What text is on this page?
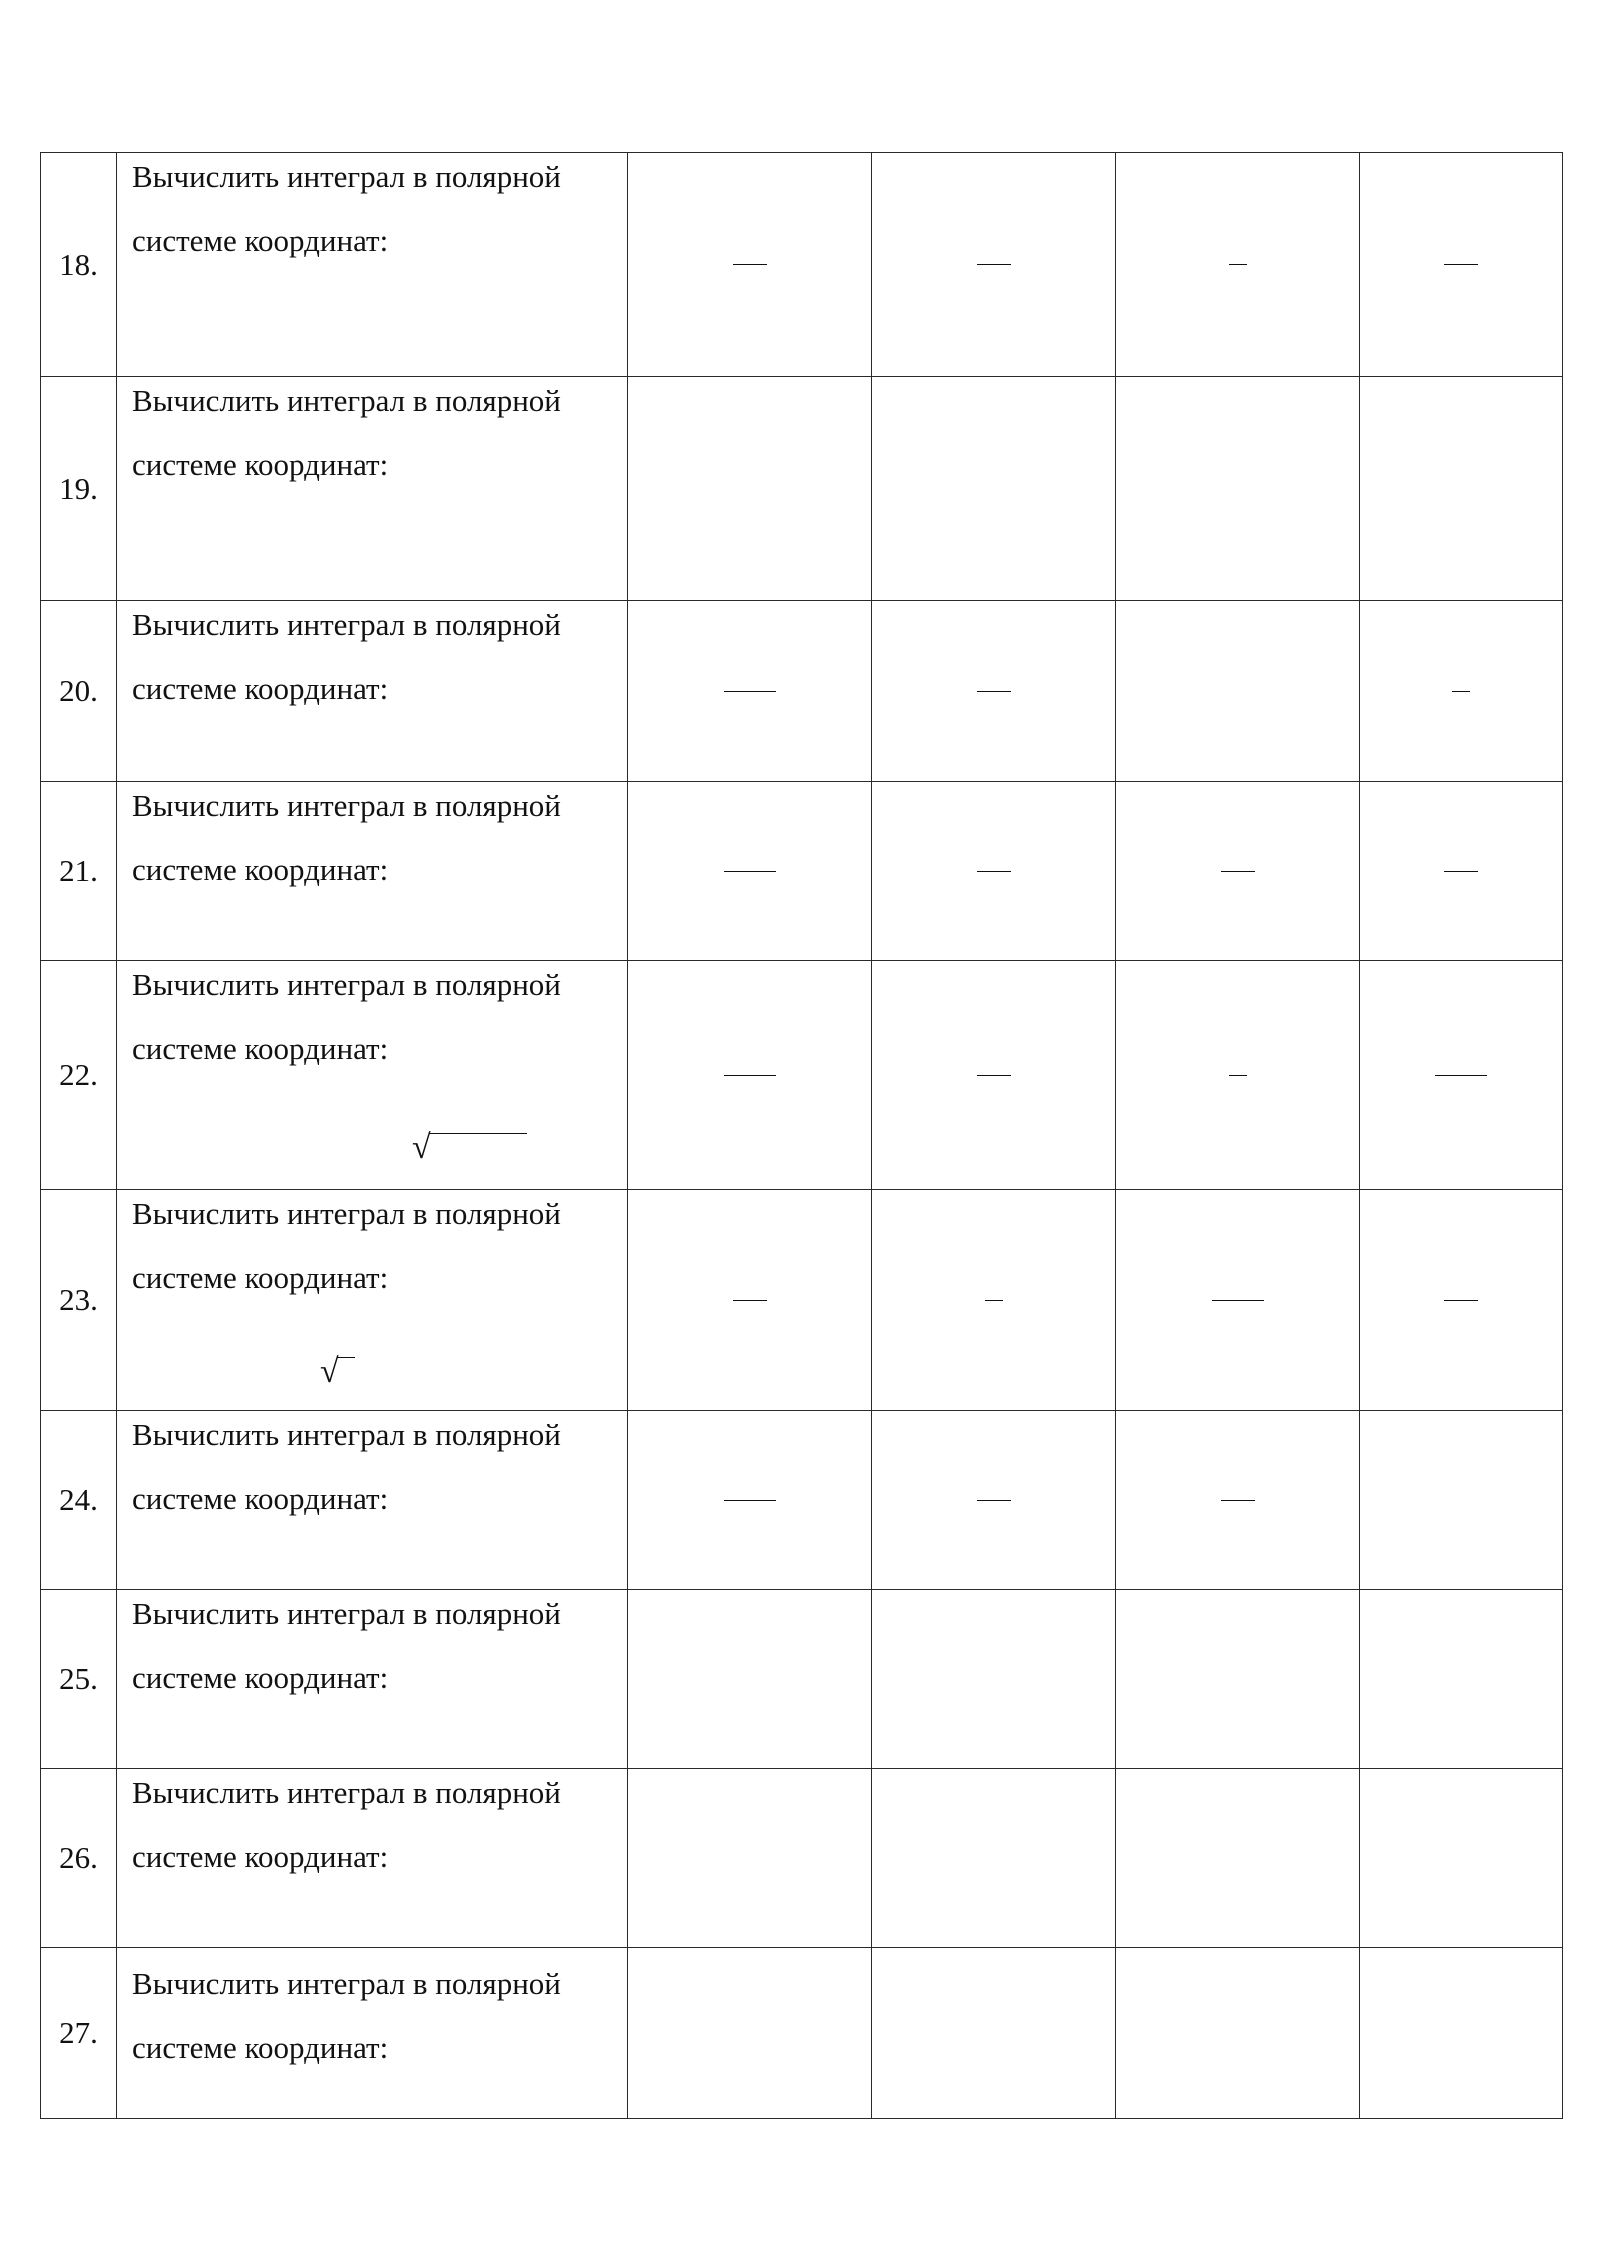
18.	Вычислить интеграл в полярной
системе координат:				

19.	Вычислить интеграл в полярной
системе координат:				

20.	Вычислить интеграл в полярной
системе координат:				

21.	Вычислить интеграл в полярной
системе координат:				

22.	Вычислить интеграл в полярной
системе координат:
√				

23.	Вычислить интеграл в полярной
системе координат:
√				

24.	Вычислить интеграл в полярной
системе координат:				

25.	Вычислить интеграл в полярной
системе координат:				

26.	Вычислить интеграл в полярной
системе координат:				

27.	Вычислить интеграл в полярной
системе координат:				
